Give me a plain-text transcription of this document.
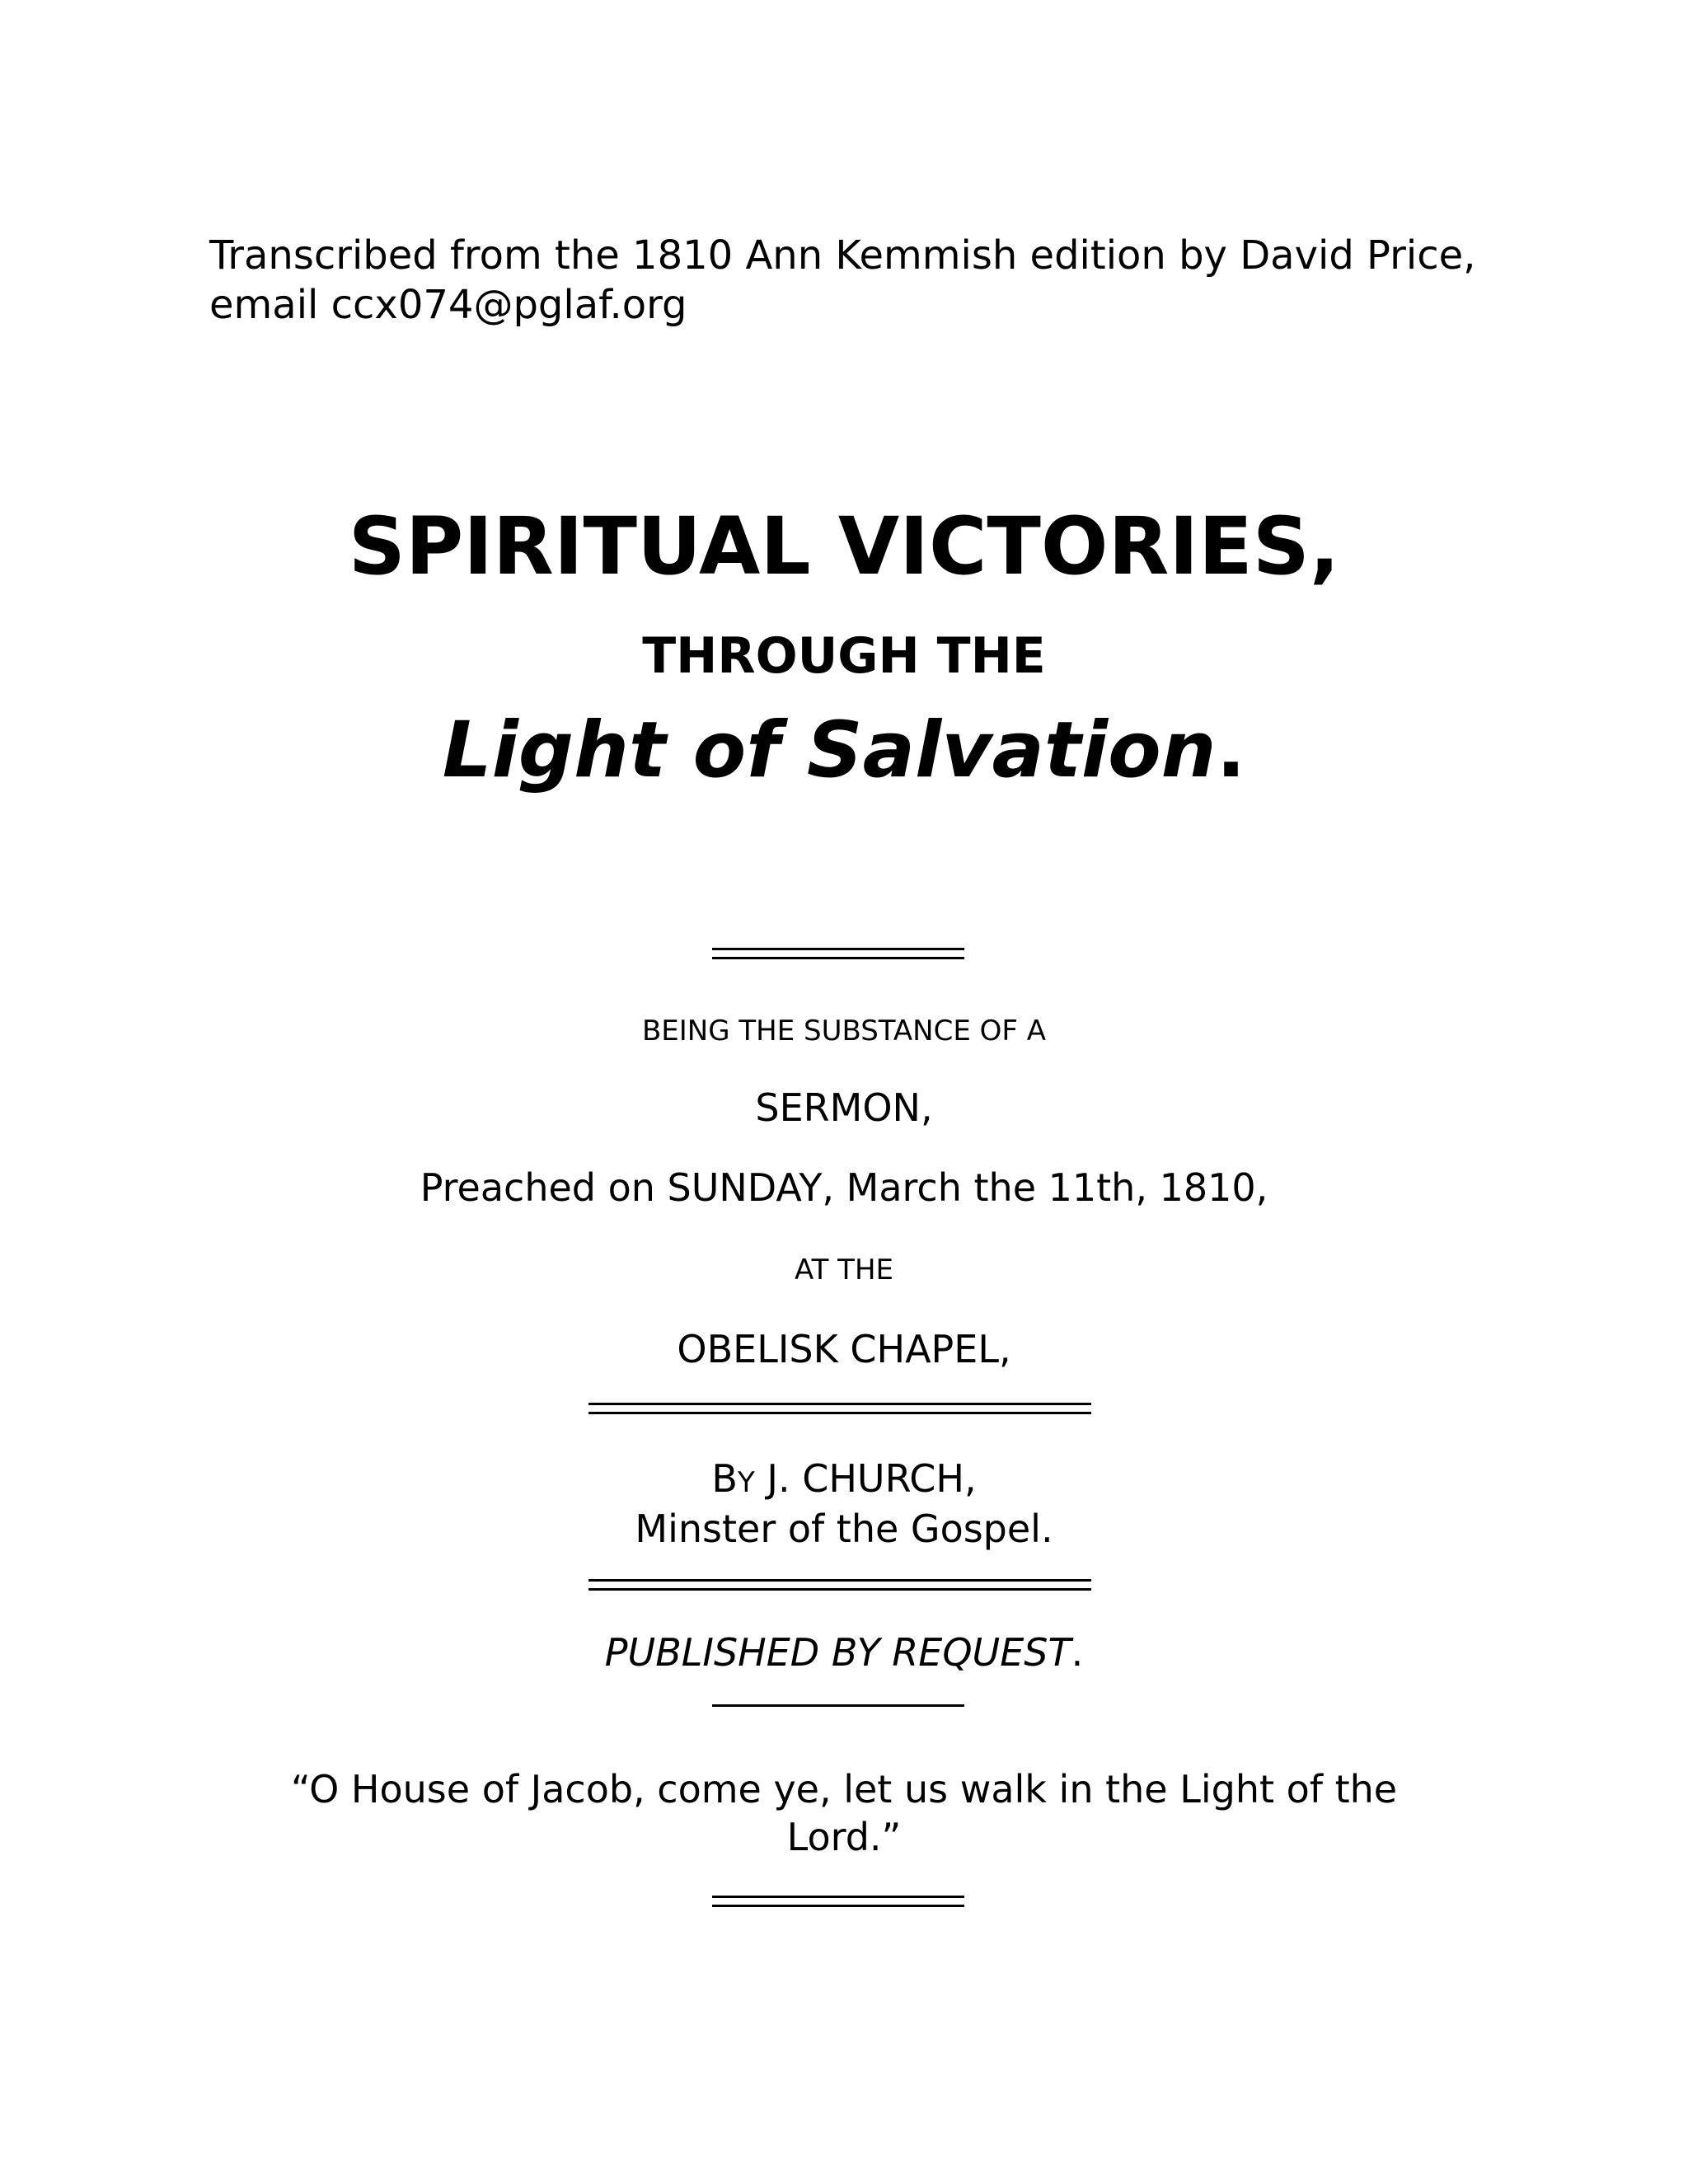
Transcribed from the 1810 Ann Kemmish edition by David Price,
email ccx074@pglaf.org
SPIRITUAL VICTORIES,
THROUGH THE
Light of Salvation.
BEING THE SUBSTANCE OF A
SERMON,
Preached on SUNDAY, March the 11th, 1810,
AT THE
OBELISK CHAPEL,
BY J. CHURCH,
Minster of the Gospel.
PUBLISHED BY REQUEST.
“O House of Jacob, come ye, let us walk in the Light of the
Lord.”
